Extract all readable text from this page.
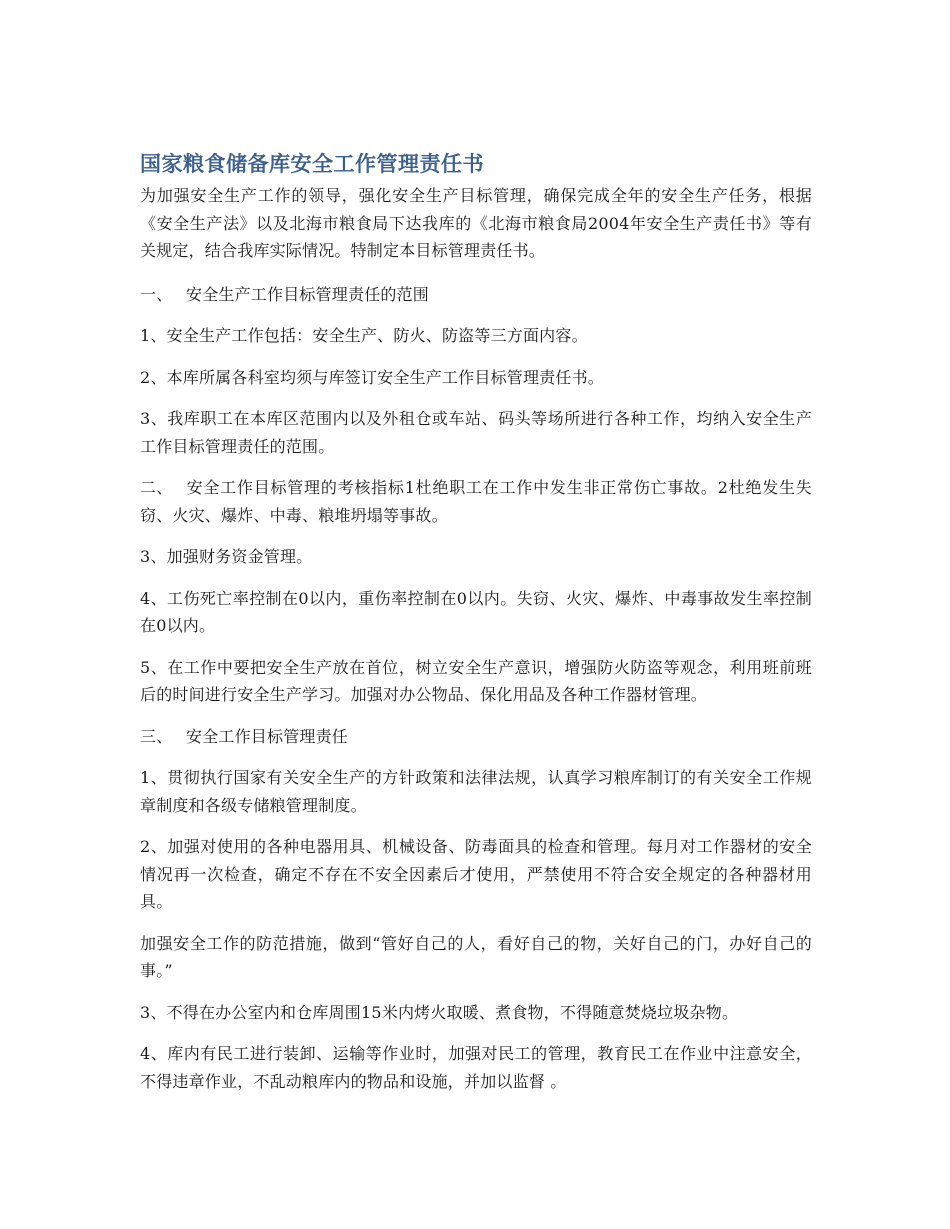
国家粮食储备库安全工作管理责任书

为加强安全生产工作的领导，强化安全生产目标管理，确保完成全年的安全生产任务，根据《安全生产法》以及北海市粮食局下达我库的《北海市粮食局2004年安全生产责任书》等有关规定，结合我库实际情况。特制定本目标管理责任书。

一、 安全生产工作目标管理责任的范围

1、安全生产工作包括：安全生产、防火、防盗等三方面内容。

2、本库所属各科室均须与库签订安全生产工作目标管理责任书。

3、我库职工在本库区范围内以及外租仓或车站、码头等场所进行各种工作，均纳入安全生产工作目标管理责任的范围。

二、 安全工作目标管理的考核指标1杜绝职工在工作中发生非正常伤亡事故。2杜绝发生失窃、火灾、爆炸、中毒、粮堆坍塌等事故。

3、加强财务资金管理。

4、工伤死亡率控制在0以内，重伤率控制在0以内。失窃、火灾、爆炸、中毒事故发生率控制在0以内。

5、在工作中要把安全生产放在首位，树立安全生产意识，增强防火防盗等观念，利用班前班后的时间进行安全生产学习。加强对办公物品、保化用品及各种工作器材管理。

三、 安全工作目标管理责任

1、贯彻执行国家有关安全生产的方针政策和法律法规，认真学习粮库制订的有关安全工作规章制度和各级专储粮管理制度。

2、加强对使用的各种电器用具、机械设备、防毒面具的检查和管理。每月对工作器材的安全情况再一次检查，确定不存在不安全因素后才使用，严禁使用不符合安全规定的各种器材用具。

加强安全工作的防范措施，做到“管好自己的人，看好自己的物，关好自己的门，办好自己的事。”

3、不得在办公室内和仓库周围15米内烤火取暖、煮食物，不得随意焚烧垃圾杂物。

4、库内有民工进行装卸、运输等作业时，加强对民工的管理，教育民工在作业中注意安全，不得违章作业，不乱动粮库内的物品和设施，并加以监督 。
